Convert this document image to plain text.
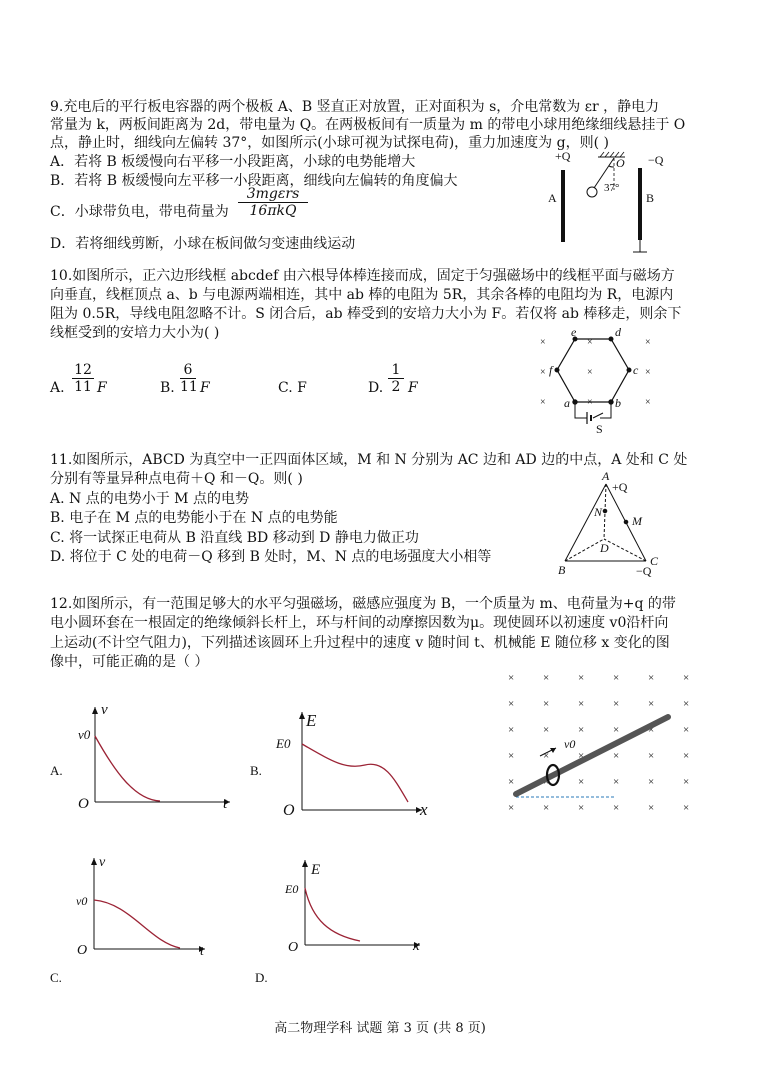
9.充电后的平行板电容器的两个极板 A、B 竖直正对放置，正对面积为 s，介电常数为 εr ，静电力
常量为 k，两板间距离为 2d，带电量为 Q。在两极板间有一质量为 m 的带电小球用绝缘细线悬挂于 O
点，静止时，细线向左偏转 37°，如图所示(小球可视为试探电荷)，重力加速度为 g，则( )
A．若将 B 板缓慢向右平移一小段距离，小球的电势能增大
B．若将 B 板缓慢向左平移一小段距离，细线向左偏转的角度偏大
C．小球带负电，带电荷量为
3mgεrs
16πkQ
D．若将细线剪断，小球在板间做匀变速曲线运动
10.如图所示，正六边形线框 abcdef 由六根导体棒连接而成，固定于匀强磁场中的线框平面与磁场方
向垂直，线框顶点 a、b 与电源两端相连，其中 ab 棒的电阻为 5R，其余各棒的电阻均为 R，电源内
阻为 0.5R，导线电阻忽略不计。S 闭合后，ab 棒受到的安培力大小为 F。若仅将 ab 棒移走，则余下
线框受到的安培力大小为( )
A. $\frac{12}{11}$ F	B. $\frac{6}{11}$ F	C. F	D. $\frac{1}{2}$ F
11.如图所示，ABCD 为真空中一正四面体区域，M 和 N 分别为 AC 边和 AD 边的中点，A 处和 C 处
分别有等量异种点电荷＋Q 和－Q。则( )
A. N 点的电势小于 M 点的电势
B. 电子在 M 点的电势能小于在 N 点的电势能
C. 将一试探正电荷从 B 沿直线 BD 移动到 D 静电力做正功
D. 将位于 C 处的电荷－Q 移到 B 处时，M、N 点的电场强度大小相等
12.如图所示，有一范围足够大的水平匀强磁场，磁感应强度为 B，一个质量为 m、电荷量为+q 的带
电小圆环套在一根固定的绝缘倾斜长杆上，环与杆间的动摩擦因数为μ。现使圆环以初速度 v0沿杆向
上运动(不计空气阻力)，下列描述该圆环上升过程中的速度 v 随时间 t、机械能 E 随位移 x 变化的图
像中，可能正确的是（ ）
+Q	−Q
A	B
O
37°
×	×	×
×	×	×
×	×	×
e	d
f	c
a	b
S
A
+Q
M
N
D
B
C
−Q
×	×	×	×	×	×
×	×	×	×	×	×
×	×	×	×	×	×
×	×	×	×	×	×
×	×	×	×	×	×
×	×	×	×	×	×
v0
v
t
O
v0
A.
E
x
O
E0
B.
v
t
O
v0
C.
E
x
O
E0
D.
高二物理学科 试题 第 3 页 (共 8 页)
